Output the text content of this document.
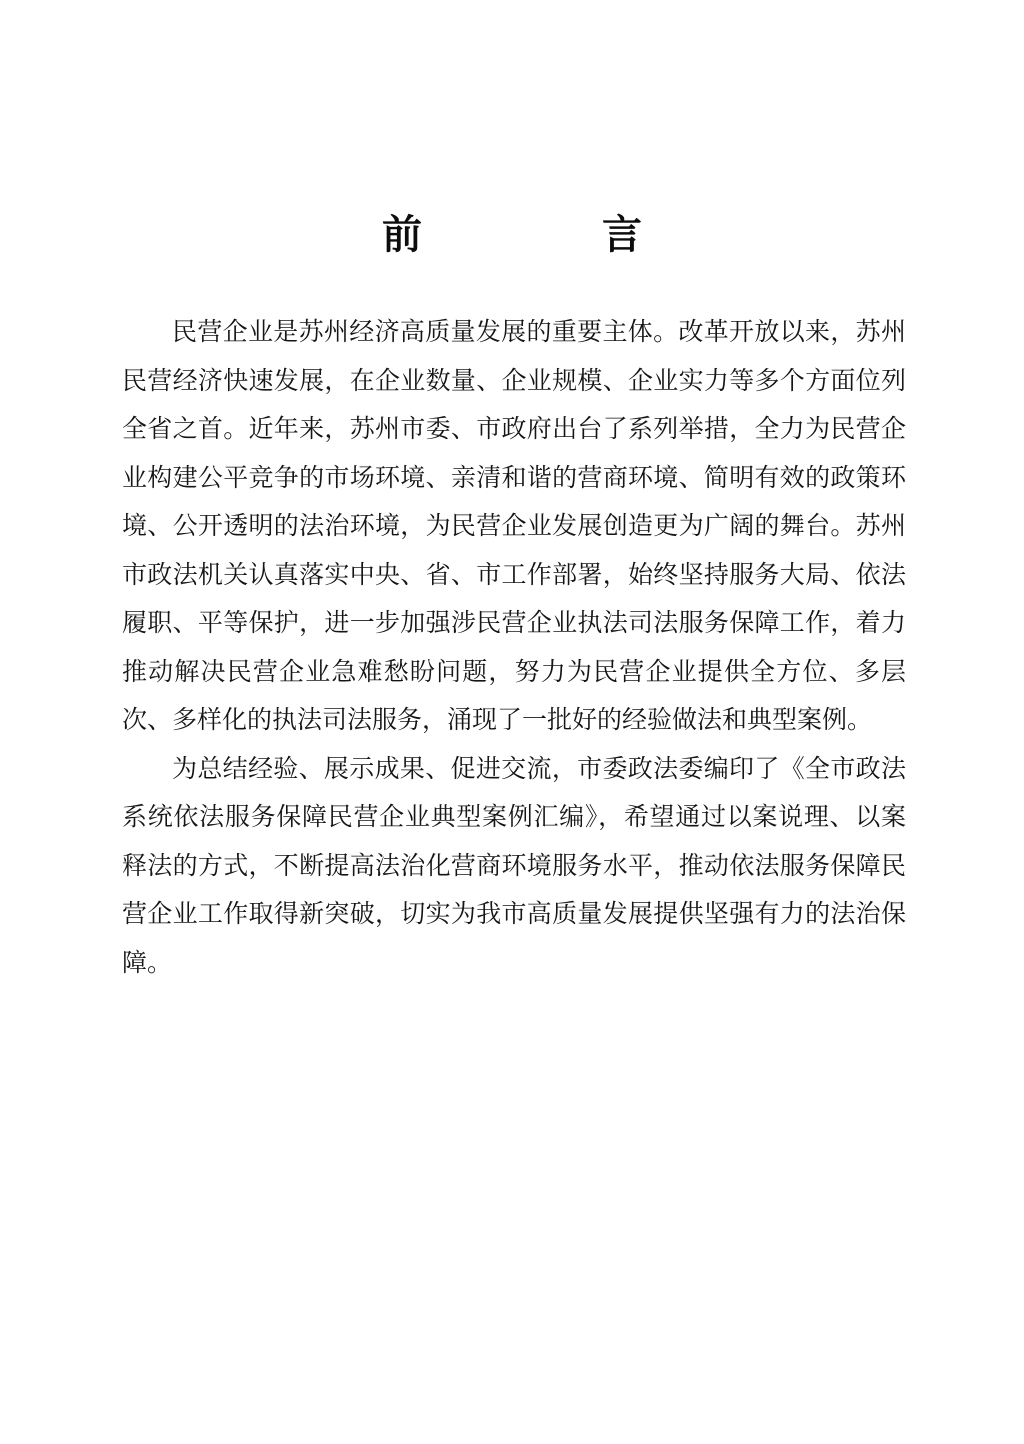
前　言

民营企业是苏州经济高质量发展的重要主体。改革开放以来，苏州民营经济快速发展，在企业数量、企业规模、企业实力等多个方面位列全省之首。近年来，苏州市委、市政府出台了系列举措，全力为民营企业构建公平竞争的市场环境、亲清和谐的营商环境、简明有效的政策环境、公开透明的法治环境，为民营企业发展创造更为广阔的舞台。苏州市政法机关认真落实中央、省、市工作部署，始终坚持服务大局、依法履职、平等保护，进一步加强涉民营企业执法司法服务保障工作，着力推动解决民营企业急难愁盼问题，努力为民营企业提供全方位、多层次、多样化的执法司法服务，涌现了一批好的经验做法和典型案例。

为总结经验、展示成果、促进交流，市委政法委编印了《全市政法系统依法服务保障民营企业典型案例汇编》，希望通过以案说理、以案释法的方式，不断提高法治化营商环境服务水平，推动依法服务保障民营企业工作取得新突破，切实为我市高质量发展提供坚强有力的法治保障。
